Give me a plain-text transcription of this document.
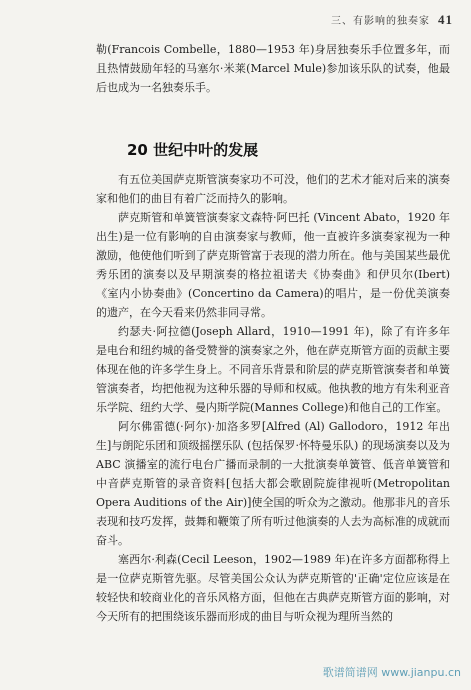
三、有影响的独奏家 41

勒(Francois Combelle，1880—1953 年)身居独奏乐手位置多年，而且热情鼓励年轻的马塞尔·米莱(Marcel Mule)参加该乐队的试奏，他最后也成为一名独奏乐手。

20 世纪中叶的发展

有五位美国萨克斯管演奏家功不可没，他们的艺术才能对后来的演奏家和他们的曲目有着广泛而持久的影响。

萨克斯管和单簧管演奏家文森特·阿巴托 (Vincent Abato，1920 年出生)是一位有影响的自由演奏家与教师，他一直被许多演奏家视为一种激励，他使他们听到了萨克斯管富于表现的潜力所在。他与美国某些最优秀乐团的演奏以及早期演奏的格拉祖诺夫《协奏曲》和伊贝尔(Ibert)《室内小协奏曲》(Concertino da Camera)的唱片，是一份优美演奏的遗产，在今天看来仍然非同寻常。

约瑟夫·阿拉德(Joseph Allard，1910—1991 年)，除了有许多年是电台和纽约城的备受赞誉的演奏家之外，他在萨克斯管方面的贡献主要体现在他的许多学生身上。不同音乐背景和阶层的萨克斯管演奏者和单簧管演奏者，均把他视为这种乐器的导师和权威。他执教的地方有朱利亚音乐学院、纽约大学、曼内斯学院(Mannes College)和他自己的工作室。

阿尔佛雷德(·阿尔)·加洛多罗[Alfred (Al) Gallodoro，1912 年出生]与朗陀乐团和顶级摇摆乐队 (包括保罗·怀特曼乐队) 的现场演奏以及为 ABC 演播室的流行电台广播而录制的一大批演奏单簧管、低音单簧管和中音萨克斯管的录音资料[包括大都会歌剧院旋律视听(Metropolitan Opera Auditions of the Air)]使全国的听众为之激动。他那非凡的音乐表现和技巧发挥，鼓舞和鞭策了所有听过他演奏的人去为高标准的成就而奋斗。

塞西尔·利森(Cecil Leeson，1902—1989 年)在许多方面都称得上是一位萨克斯管先驱。尽管美国公众认为萨克斯管的'正确'定位应该是在较轻快和较商业化的音乐风格方面，但他在古典萨克斯管方面的影响，对今天所有的把围绕该乐器而形成的曲目与听众视为理所当然的

歌谱简谱网 www.jianpu.cn
